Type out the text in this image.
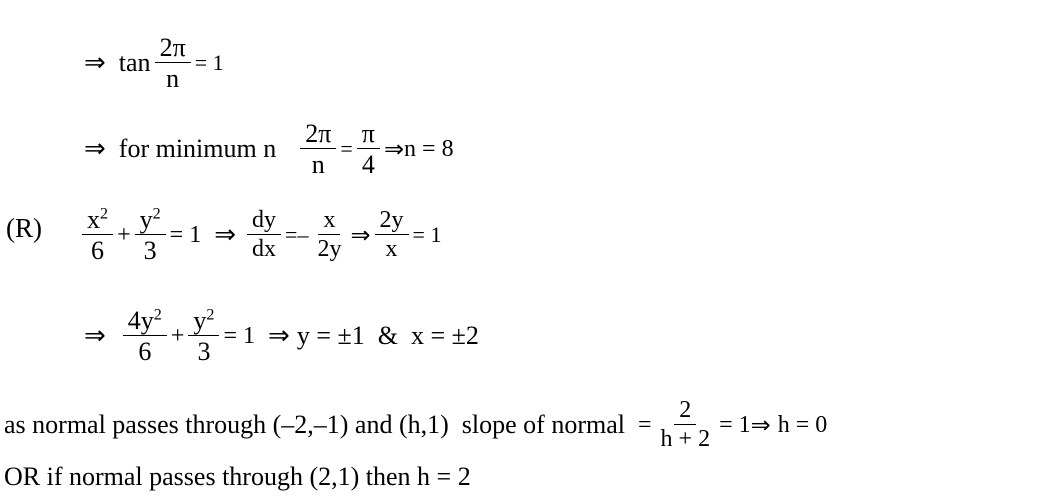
⇒ $\tan \frac{2\pi}{n} = 1$
⇒ for minimum n $\frac{2\pi}{n} = \frac{\pi}{4}$ ⇒ n = 8
$(R) \frac{x^2}{6} + \frac{y^2}{3} = 1$ ⇒ $\frac{dy}{dx}$ = – $\frac{x}{2y}$ ⇒ $\frac{2y}{x} = 1$
⇒ $\frac{4y^2}{6} + \frac{y^2}{3} = 1$ ⇒ y = ±1  &  x = ±2
as normal passes through (–2,–1) and (h,1)  slope of normal = $\frac{2}{h + 2} = 1$ ⇒ h = 0
OR if normal passes through (2,1) then h = 2
